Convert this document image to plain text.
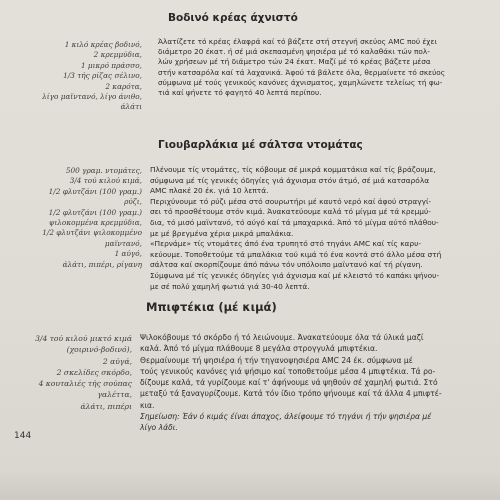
Βοδινό κρέας άχνιστό
1 κιλό κρέας βοδινό,
2 κρεμμύδια,
1 μικρό πράσσο,
1/3 τής ρίζας σέλινο,
2 καρότα,
λίγο μαϊντανό, λίγο άνιθο,
άλάτι
Άλατίζετε τό κρέας έλαφρά καί τό βάζετε στή στεγνή σκεύος ΑΜC πού έχει
διάμετρο 20 έκατ. ή σέ μιά σκεπασμένη ψησιέρα μέ τό καλαθάκι τών πολ-
λών χρήσεων μέ τή διάμετρο τών 24 έκατ. Μαζί μέ τό κρέας βάζετε μέσα
στήν κατσαρόλα καί τά λαχανικά. Άφού τά βάλετε όλα, θερμαίνετε τό σκεύος
σύμφωνα μέ τούς γενικούς κανόνες άχνισματος, χαμηλώνετε τελείως τή φω-
τιά καί ψήνετε τό φαγητό 40 λεπτά περίπου.
Γιουβαρλάκια μέ σάλτσα ντομάτας
500 γραμ. ντομάτες,
3/4 τού κιλού κιμά,
1/2 φλυτζάνι (100 γραμ.)
ρύζι,
1/2 φλυτζάνι (100 γραμ.)
ψιλοκομμένα κρεμμύδια,
1/2 φλυτζάνι ψιλοκομμένο
μαϊντανό,
1 αύγό,
άλάτι, πιπέρι, ρίγανη
Πλένουμε τίς ντομάτες, τίς κόβουμε σέ μικρά κομματάκια καί τίς βράζουμε,
σύμφωνα μέ τίς γενικές όδηγίες γιά άχνισμα στόν άτμό, σέ μιά κατσαρόλα
ΑΜC πλακέ 20 έκ. γιά 10 λεπτά.
Περιχύνουμε τό ρύζι μέσα στό σουρωτήρι μέ καυτό νερό καί άφού στραγγί-
σει τό προσθέτουμε στόν κιμά. Άνακατεύουμε καλά τό μίγμα μέ τά κρεμμύ-
δια, τό μισό μαϊντανό, τό αύγό καί τά μπαχαρικά. Άπό τό μίγμα αύτό πλάθου-
με μέ βρεγμένα χέρια μικρά μπαλάκια.
«Περνάμε» τίς ντομάτες άπό ένα τρυπητό στό τηγάνι ΑΜC καί τίς καρυ-
κεύουμε. Τοποθετούμε τά μπαλάκια τού κιμά τό ένα κοντά στό άλλο μέσα στή
σάλτσα καί σκορπίζουμε άπό πάνω τόν υπόλοιπο μαϊντανό καί τή ρίγανη.
Σύμφωνα μέ τίς γενικές όδηγίες γιά άχνισμα καί μέ κλειστό τό καπάκι ψήνου-
με σέ πολύ χαμηλή φωτιά γιά 30-40 λεπτά.
Μπιφτέκια (μέ κιμά)
3/4 τού κιλού μικτό κιμά
(χοιρινό-βοδινό),
2 αύγά,
2 σκελίδες σκόρδο,
4 κουταλιές τής σούπας
γαλέττα,
άλάτι, πιπέρι
Ψιλοκόβουμε τό σκόρδο ή τό λειώνουμε. Άνακατεύουμε όλα τά ύλικά μαζί
καλά. Άπό τό μίγμα πλάθουμε 8 μεγάλα στρογγυλά μπιφτέκια.
Θερμαίνουμε τή ψησιέρα ή τήν τηγανοψησιέρα ΑΜC 24 έκ. σύμφωνα μέ
τούς γενικούς κανόνες γιά ψήσιμο καί τοποθετούμε μέσα 4 μπιφτέκια. Τά ρο-
δίζουμε καλά, τά γυρίζουμε καί τ' άφήνουμε νά ψηθούν σέ χαμηλή φωτιά. Στό
μεταξύ τά ξαναγυρίζουμε. Κατά τόν ίδιο τρόπο ψήνουμε καί τά άλλα 4 μπιφτέ-
κια.
Σημείωση: Έάν ό κιμάς έίναι άπαχος, άλείφουμε τό τηγάνι ή τήν ψησιέρα μέ
λίγο λάδι.
144
